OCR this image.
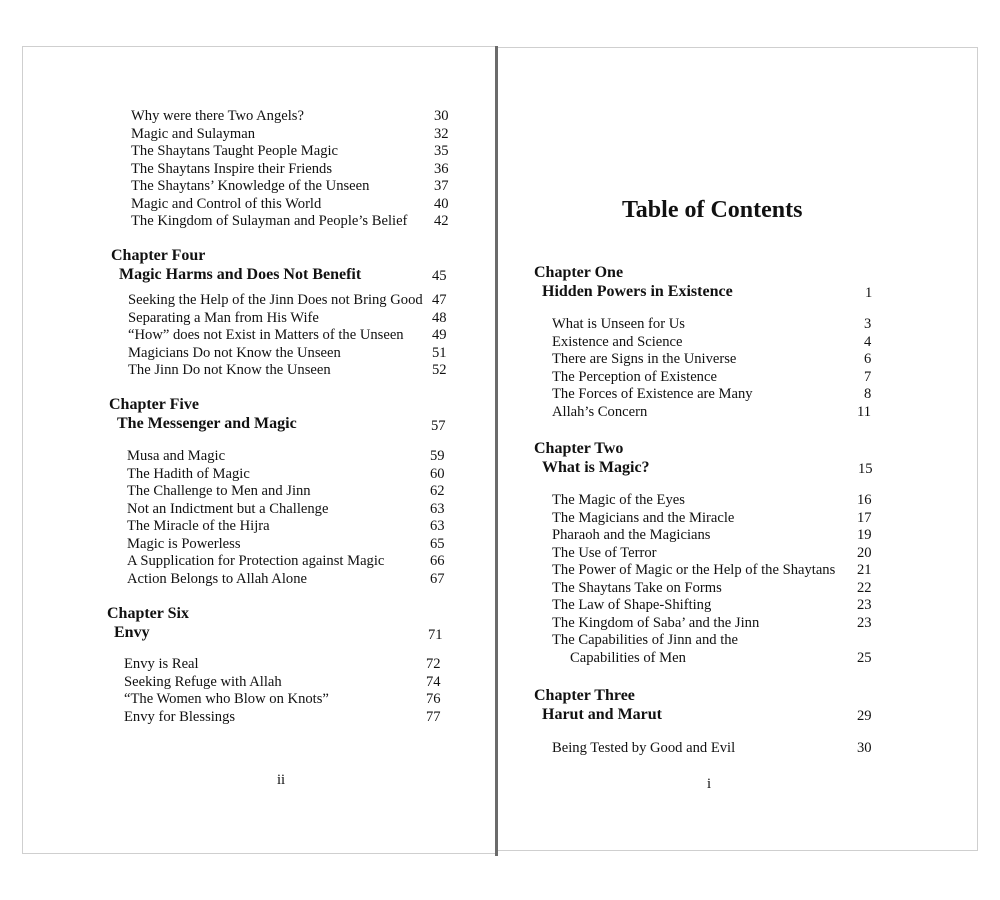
Why were there Two Angels?	30
Magic and Sulayman	32
The Shaytans Taught People Magic	35
The Shaytans Inspire their Friends	36
The Shaytans’ Knowledge of the Unseen	37
Magic and Control of this World	40
The Kingdom of Sulayman and People’s Belief 42
Chapter Four
Magic Harms and Does Not Benefit	45
Seeking the Help of the Jinn Does not Bring Good 47
Separating a Man from His Wife	48
“How” does not Exist in Matters of the Unseen 49
Magicians Do not Know the Unseen	51
The Jinn Do not Know the Unseen	52
Chapter Five
The Messenger and Magic	57
Musa and Magic	59
The Hadith of Magic	60
The Challenge to Men and Jinn	62
Not an Indictment but a Challenge	63
The Miracle of the Hijra	63
Magic is Powerless	65
A Supplication for Protection against Magic	66
Action Belongs to Allah Alone	67
Chapter Six
Envy	71
Envy is Real	72
Seeking Refuge with Allah	74
“The Women who Blow on Knots”	76
Envy for Blessings	77
ii
Table of Contents
Chapter One
Hidden Powers in Existence	1
What is Unseen for Us	3
Existence and Science	4
There are Signs in the Universe	6
The Perception of Existence	7
The Forces of Existence are Many	8
Allah’s Concern	11
Chapter Two
What is Magic?	15
The Magic of the Eyes	16
The Magicians and the Miracle	17
Pharaoh and the Magicians	19
The Use of Terror	20
The Power of Magic or the Help of the Shaytans 21
The Shaytans Take on Forms	22
The Law of Shape-Shifting	23
The Kingdom of Saba’ and the Jinn	23
The Capabilities of Jinn and the
Capabilities of Men	25
Chapter Three
Harut and Marut	29
Being Tested by Good and Evil	30
i
